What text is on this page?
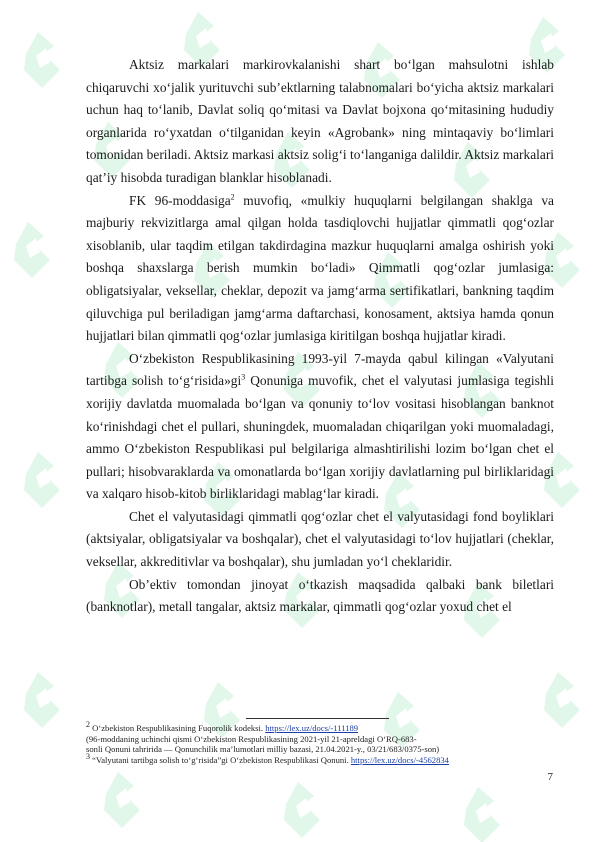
Aktsiz markalari markirovkalanishi shart bo‘lgan mahsulotni ishlab chiqaruvchi xo‘jalik yurituvchi sub’ektlarning talabnomalari bo‘yicha aktsiz markalari uchun haq to‘lanib, Davlat soliq qo‘mitasi va Davlat bojxona qo‘mitasining hududiy organlarida ro‘yxatdan o‘tilganidan keyin «Agrobank» ning mintaqaviy bo‘limlari tomonidan beriladi. Aktsiz markasi aktsiz solig‘i to‘langaniga dalildir. Aktsiz markalari qat’iy hisobda turadigan blanklar hisoblanadi.

FK 96-moddasiga$^2$ muvofiq, «mulkiy huquqlarni belgilangan shaklga va majburiy rekvizitlarga amal qilgan holda tasdiqlovchi hujjatlar qimmatli qog‘ozlar xisoblanib, ular taqdim etilgan takdirdagina mazkur huquqlarni amalga oshirish yoki boshqa shaxslarga berish mumkin bo‘ladi» Qimmatli qog‘ozlar jumlasiga: obligatsiyalar, veksellar, cheklar, depozit va jamg‘arma sertifikatlari, bankning taqdim qiluvchiga pul beriladigan jamg‘arma daftarchasi, konosament, aktsiya hamda qonun hujjatlari bilan qimmatli qog‘ozlar jumlasiga kiritilgan boshqa hujjatlar kiradi.

O‘zbekiston Respublikasining 1993-yil 7-mayda qabul kilingan «Valyutani tartibga solish $to‘g‘risida»gi^3$ Qonuniga muvofik, chet el valyutasi jumlasiga tegishli xorijiy davlatda muomalada bo‘lgan va qonuniy to‘lov vositasi hisoblangan banknot ko‘rinishdagi chet el pullari, shuningdek, muomaladan chiqarilgan yoki muomaladagi, ammo O‘zbekiston Respublikasi pul belgilariga almashtirilishi lozim bo‘lgan chet el pullari; hisobvaraklarda va omonatlarda bo‘lgan xorijiy davlatlarning pul birliklaridagi va xalqaro hisob-kitob birliklaridagi mablag‘lar kiradi.

Chet el valyutasidagi qimmatli qog‘ozlar chet el valyutasidagi fond boyliklari (aktsiyalar, obligatsiyalar va boshqalar), chet el valyutasidagi to‘lov hujjatlari (cheklar, veksellar, akkreditivlar va boshqalar), shu jumladan yo‘l cheklaridir.

Ob’ektiv tomondan jinoyat o‘tkazish maqsadida qalbaki bank biletlari (banknotlar), metall tangalar, aktsiz markalar, qimmatli qog‘ozlar yoxud chet el

$^2$ O‘zbekiston Respublikasining Fuqorolik kodeksi. https://lex.uz/docs/-111189

(96-moddaning uchinchi qismi O‘zbekiston Respublikasining 2021-yil 21-apreldagi O‘RQ-683-

sonli Qonuni tahririda — Qonunchilik ma’lumotlari milliy bazasi, 21.04.2021-y., 03/21/683/0375-son)

$^3$ “Valyutani tartibga solish to‘g‘risida”gi O‘zbekiston Respublikasi Qonuni. https://lex.uz/docs/-4562834

7
